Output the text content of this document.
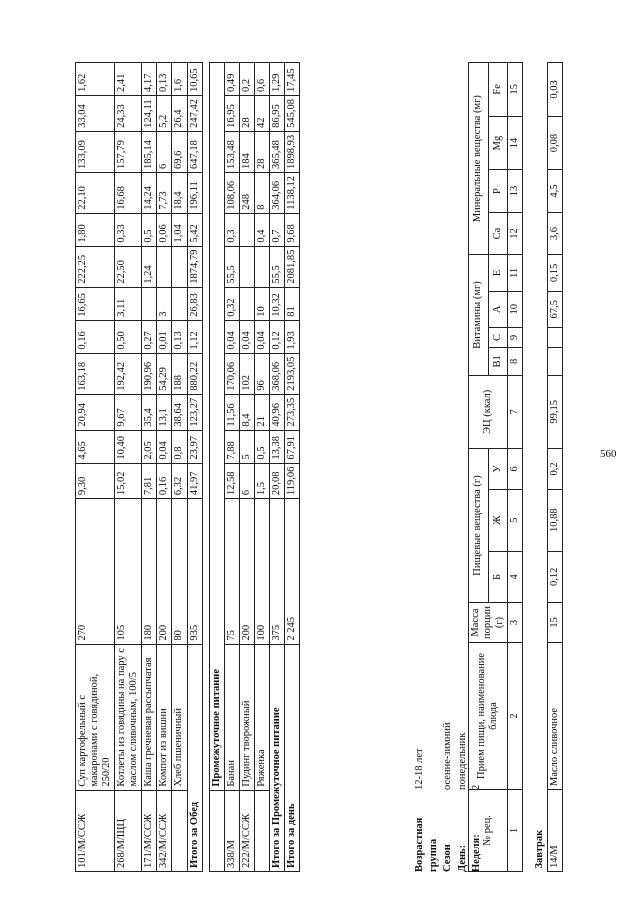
101/М/ССЖ	Суп картофельный с макаронами с говядиной, 250/20	270	9,30	4,65	20,94	163,18	0,16	16,65	222,25	1,80	22,10	133,09	33,04	1,62
268/М/ЩЦ	Котлеты из говядины на пару с маслом сливочным, 100/5	105	15,02	10,40	9,67	192,42	0,50	3,11	22,50	0,33	16,68	157,79	24,33	2,41
171/М/ССЖ	Каша гречневая рассыпчатая	180	7,81	2,05	35,4	190,96	0,27		1,24	0,5	14,24	185,14	124,11	4,17
342/М/ССЖ	Компот из вишни	200	0,16	0,04	13,1	54,29	0,01	3		0,06	7,73	6	5,2	0,13
	Хлеб пшеничный	80	6,32	0,8	38,64	188	0,13			1,04	18,4	69,6	26,4	1,6
Итого за Обед		935	41,97	23,97	123,27	880,22	1,12	26,83	1874,79	5,42	196,11	647,18	247,42	10,65

	Промежуточное питание													
338/М	Банан	75	12,58	7,88	11,56	170,06	0,04	0,32	55,5	0,3	108,06	153,48	16,95	0,49
222/М/ССЖ	Пудинг творожный	200	6	5	8,4	102	0,04				248	184	28	0,2
	Ряженка	100	1,5	0,5	21	96	0,04	10		0,4	8	28	42	0,6
Итого за Промежуточное питание		375	20,08	13,38	40,96	368,06	0,12	10,32	55,5	0,7	364,06	365,48	86,95	1,29
Итого за день		2 245	119,06	67,91	273,35	2193,05	1,93	81	2081,85	9,68	1138,12	1898,93	545,08	17,45
Возрастная группа
12-18 лет
Сезон
осенне-зимний
День:
понедельник
Неделя:
2
№ рец.	Прием пищи, наименование блюда	Масса порции (г)	Пищевые вещества (г)			ЭЦ (ккал)	Витамины (мг)				Минеральные вещества (мг)			
			Б	Ж	У		В1	С	А	Е	Са	Р	Mg	Fe
1	2	3	4	5	6	7	8	9	10	11	12	13	14	15

Завтрак														
14/М	Масло сливочное	15	0,12	10,88	0,2	99,15			67,5	0,15	3,6	4,5	0,08	0,03
560
